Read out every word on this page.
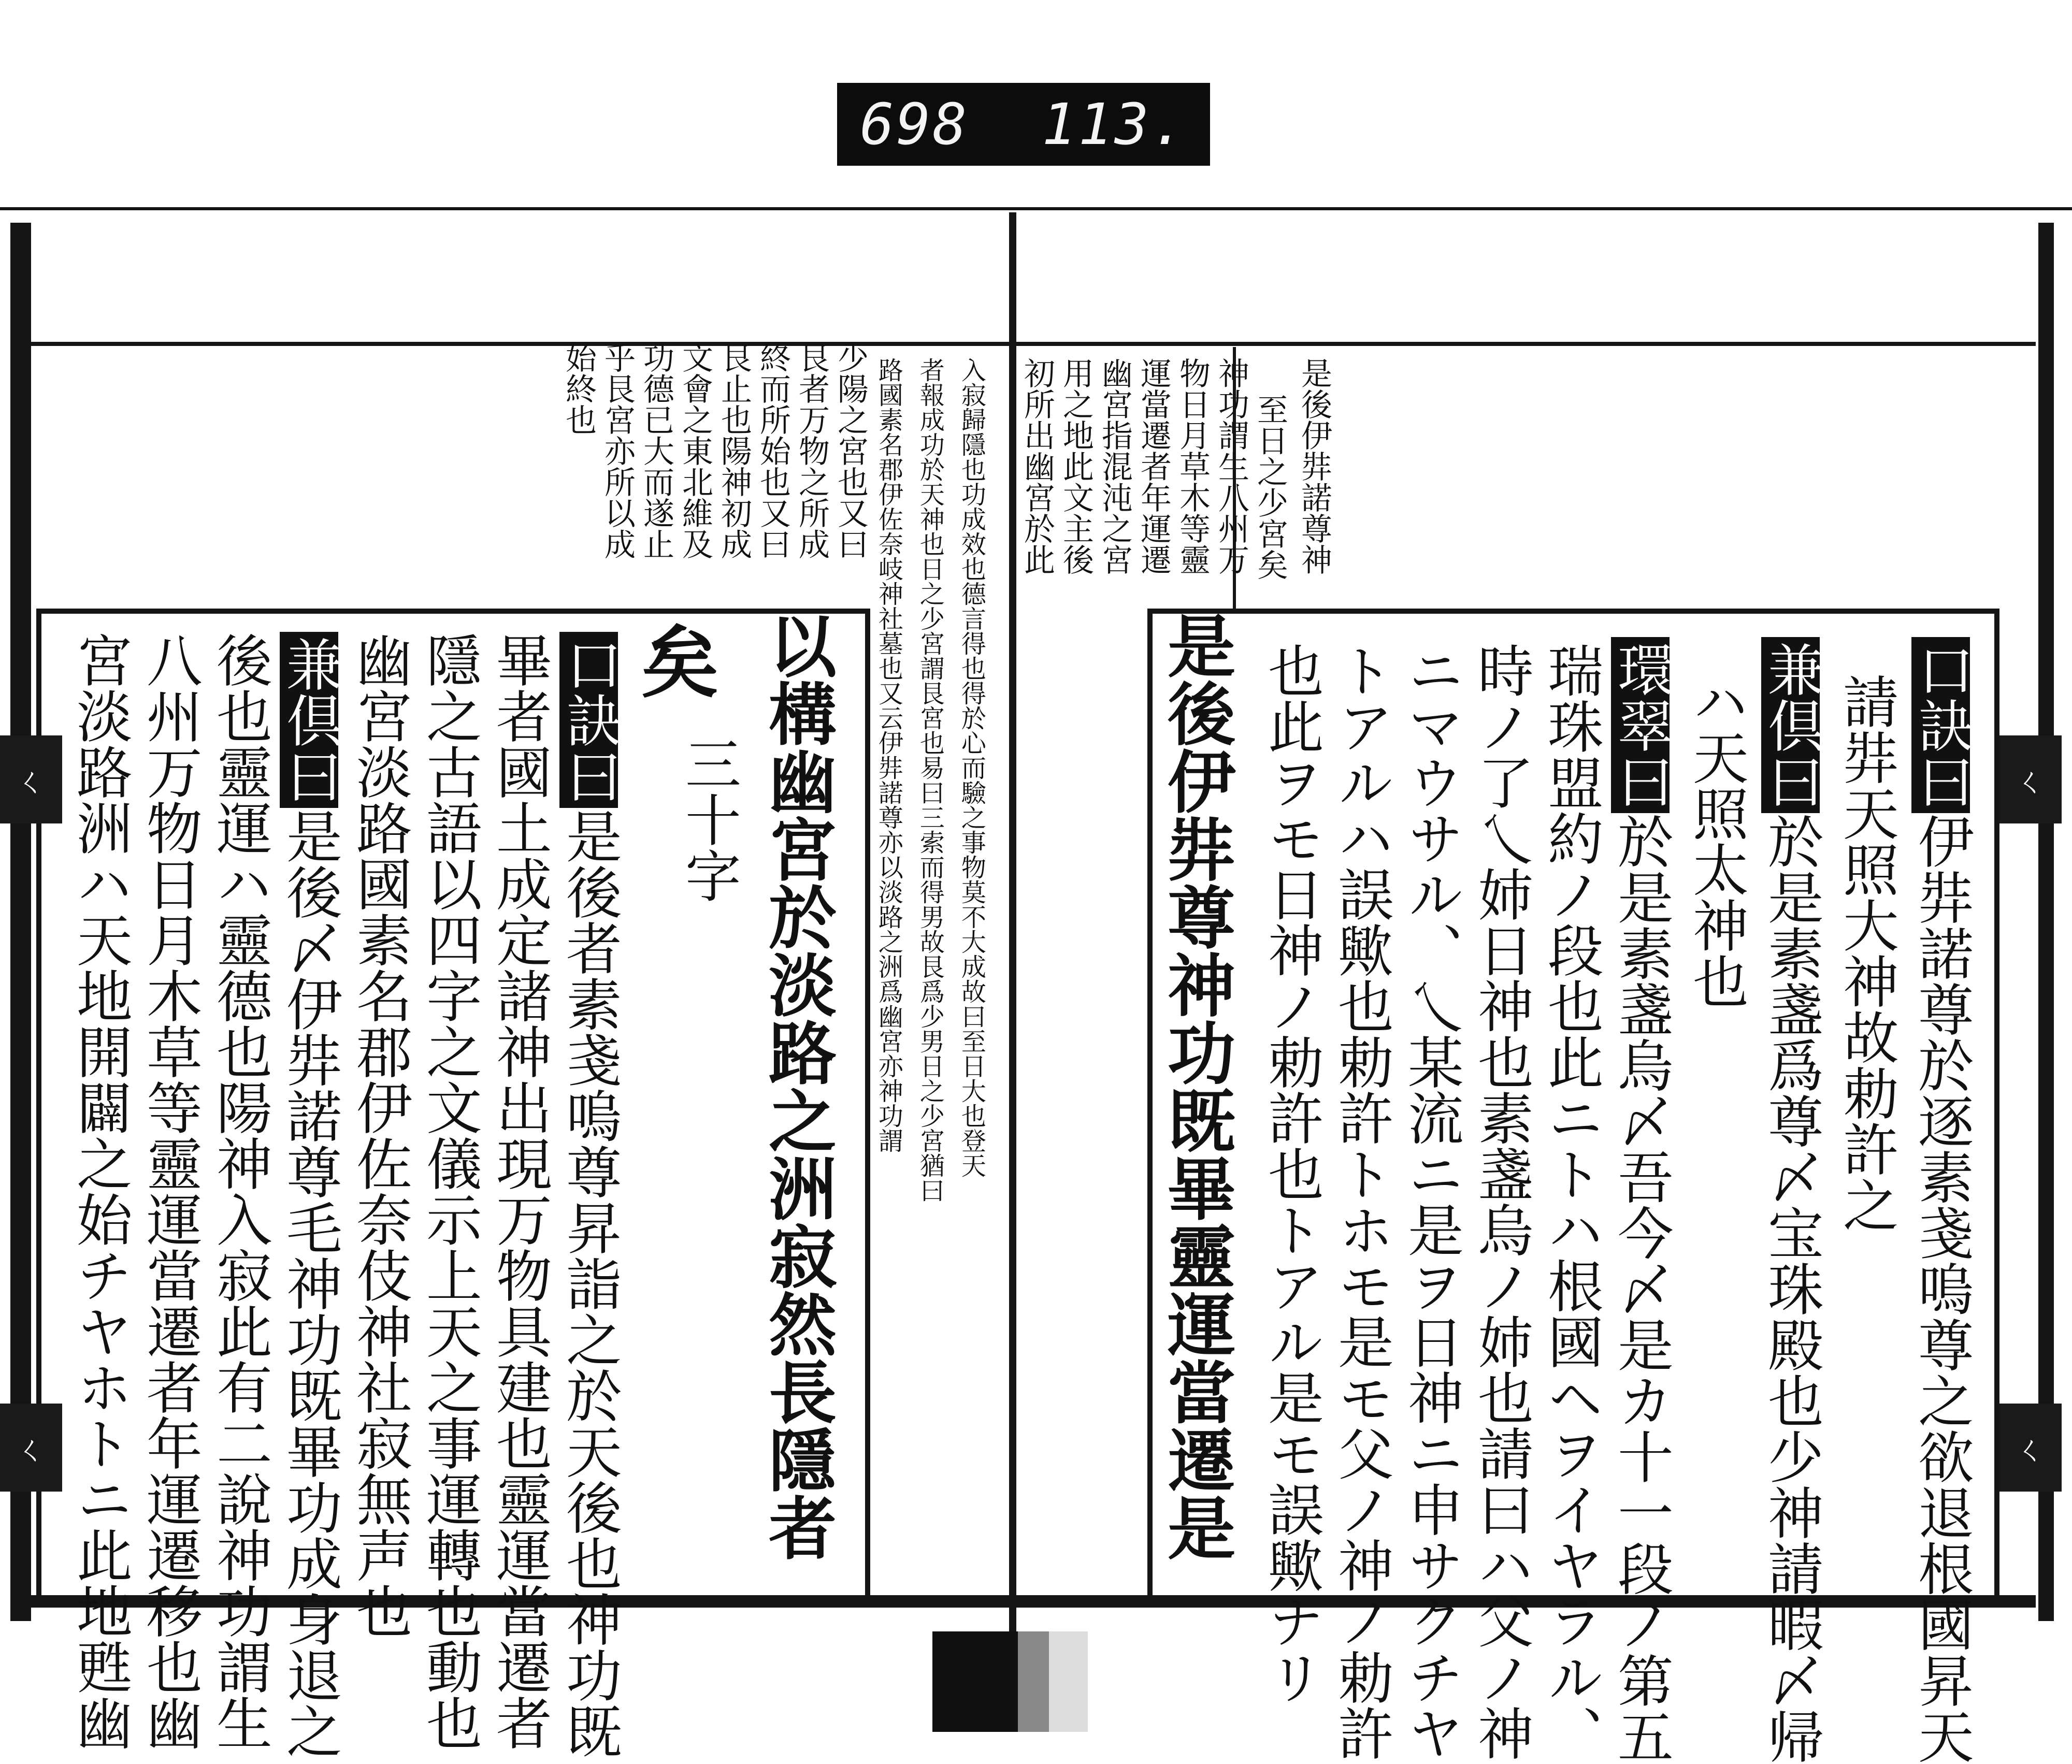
698  113.
ㄑ
ㄑ
ㄑ
ㄑ
是後伊弉諾尊神
至日之少宮矣
神功謂生八州万
物日月草木等靈
運當遷者年運遷
幽宮指混沌之宮
用之地此文主後
初所出幽宮於此
口訣曰伊弉諾尊於逐素戔嗚尊之欲退根國昇天
請弉天照大神故勅許之
兼倶曰於是素盞爲尊〆宝珠殿也少神請暇〆帰
ハ天照太神也
環翠曰於是素盞烏〆吾今〆是カ十一段ノ第五
瑞珠盟約ノ段也此ニトハ根國ヘヲイヤラル、
時ノ了乀姉日神也素盞烏ノ姉也請曰ハ父ノ神
ニマウサル、乀某流ニ是ヲ日神ニ申サクチヤ
トアルハ誤歟也勅許トホモ是モ父ノ神ノ勅許
也此ヲモ日神ノ勅許也トアル是モ誤歟ナリ
是後伊弉尊神功既畢靈運當遷是
少陽之宮也又曰
艮者万物之所成
終而所始也又曰
艮止也陽神初成
文會之東北維及
功德已大而遂止
乎艮宮亦所以成
始終也	入寂歸隱也功成效也德言得也得於心而驗之事物莫不大成故曰至日大也登天
者報成功於天神也日之少宮謂艮宮也易曰三索而得男故艮爲少男日之少宮猶曰
路國素名郡伊佐奈岐神社墓也又云伊弉諾尊亦以淡路之洲爲幽宮亦神功謂
以構幽宮於淡路之洲寂然長隱者
矣
三十字
口訣曰是後者素戔嗚尊昇詣之於天後也神功既
畢者國土成定諸神出現万物具建也靈運當遷者
隱之古語以四字之文儀示上天之事運轉也動也
幽宮淡路國素名郡伊佐奈伎神社寂無声也
兼倶曰是後〆伊弉諾尊毛神功既畢功成身退之
後也靈運ハ靈德也陽神入寂此有二說神功謂生
八州万物日月木草等靈運當遷者年運遷移也幽
宮淡路洲ハ天地開闢之始チヤホトニ此地甦幽
